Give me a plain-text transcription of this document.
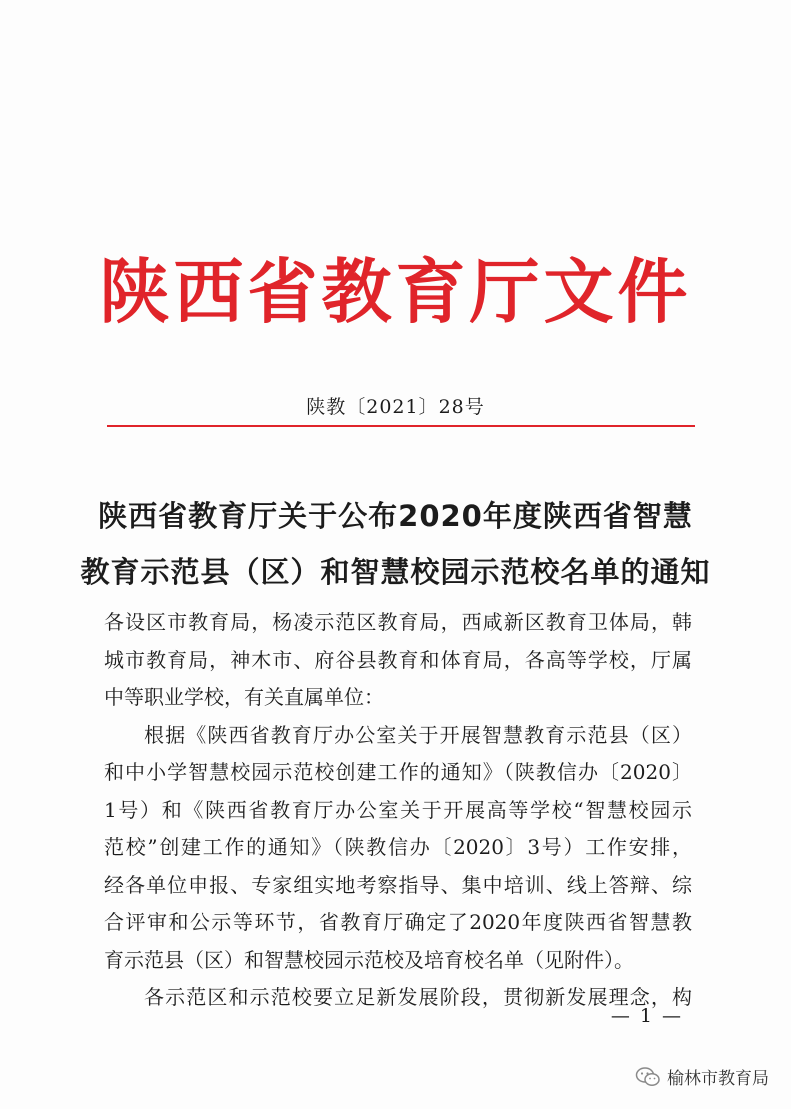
陕西省教育厅文件
陕教〔2021〕28号
陕西省教育厅关于公布2020年度陕西省智慧
教育示范县（区）和智慧校园示范校名单的通知
各设区市教育局，杨凌示范区教育局，西咸新区教育卫体局，韩
城市教育局，神木市、府谷县教育和体育局，各高等学校，厅属
中等职业学校，有关直属单位：
根据《陕西省教育厅办公室关于开展智慧教育示范县（区）
和中小学智慧校园示范校创建工作的通知》（陕教信办〔2020〕
1号）和《陕西省教育厅办公室关于开展高等学校“智慧校园示
范校”创建工作的通知》（陕教信办〔2020〕3号）工作安排，
经各单位申报、专家组实地考察指导、集中培训、线上答辩、综
合评审和公示等环节，省教育厅确定了2020年度陕西省智慧教
育示范县（区）和智慧校园示范校及培育校名单（见附件）。
各示范区和示范校要立足新发展阶段，贯彻新发展理念，构
— 1 —
榆林市教育局
